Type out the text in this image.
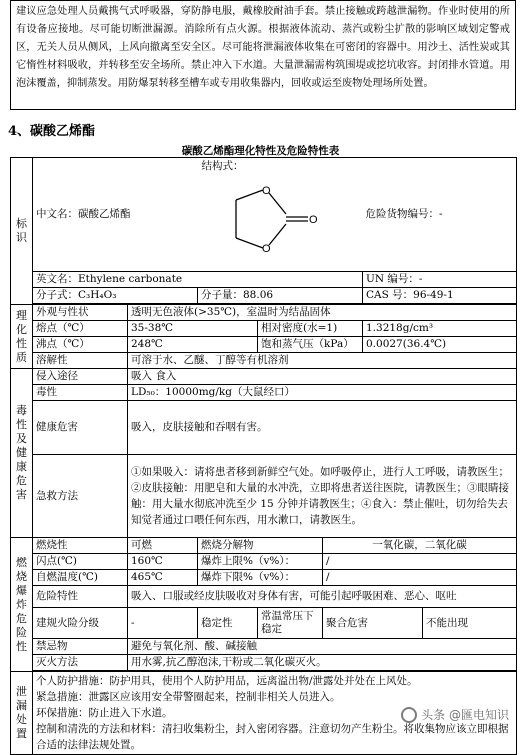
建议应急处理人员戴携气式呼吸器，穿防静电服，戴橡胶耐油手套。禁止接触或跨越泄漏物。作业时使用的所有设备应接地。尽可能切断泄漏源。消除所有点火源。根据液体流动、蒸汽或粉尘扩散的影响区域划定警戒区，无关人员从侧风，上风向撤离至安全区。尽可能将泄漏液体收集在可密闭的容器中。用沙土、活性炭或其它惰性材料吸收，并转移至安全场所。禁止冲入下水道。大量泄漏需构筑围堤或挖坑收容。封闭排水管道。用泡沫覆盖，抑制蒸发。用防爆泵转移至槽车或专用收集器内，回收或运至废物处理场所处置。
4、碳酸乙烯酯
碳酸乙烯酯理化特性及危险特性表
标识	中文名：碳酸乙烯酯		结构式：
O
O
O			危险货物编号：-	
	英文名：Ethylene carbonate					UN 编号：-	
	分子式：C₃H₄O₃		分子量：88.06			CAS 号：96-49-1	

理化性质	外观与性状	透明无色液体(>35℃)，室温时为结晶固体					
	熔点（℃）	35-38℃		相对密度(水=1)		1.3218g/cm³	
	沸点（℃）	248℃		饱和蒸气压（kPa）		0.0027(36.4℃)	
	溶解性	可溶于水、乙醚、丁醇等有机溶剂					
毒性及健康危害	侵入途径	吸入 食入					
	毒性	LD₅₀：10000mg/kg（大鼠经口）					
	健康危害	吸入，皮肤接触和吞咽有害。					
	急救方法	①如果吸入：请将患者移到新鲜空气处。如呼吸停止，进行人工呼吸，请教医生；②皮肤接触：用肥皂和大量的水冲洗，立即将患者送往医院，请教医生；③眼睛接触：用大量水彻底冲洗至少 15 分钟并请教医生；④食入：禁止催吐，切勿给失去知觉者通过口喂任何东西，用水漱口，请教医生。					
燃烧爆炸危险性	燃烧性	可燃	燃烧分解物		一氧化碳，二氧化碳		
	闪点(℃)	160℃	爆炸上限%（v%）：		/		
	自燃温度(℃)	465℃	爆炸下限%（v%）：		/		
	危险特性	吸入、口服或经皮肤吸收对身体有害，可能引起呼吸困难、恶心、呕吐					
	建规火险分级	-	稳定性	常温常压下稳定	聚合危害		不能出现
	禁忌物	避免与氧化剂、酸、碱接触					
	灭火方法	用水雾,抗乙醇泡沫,干粉或二氧化碳灭火。					

泄漏处置	个人防护措施：防护用具，使用个人防护用品，远离溢出物/泄露处并处在上风处。
紧急措施：泄露区应该用安全带警圈起来，控制非相关人员进入。
环保措施：防止进入下水道。
控制和清洗的方法和材料：清扫收集粉尘，封入密闭容器。注意切勿产生粉尘。将收集物应该立即根据合适的法律法规处置。						
头条 @匯电知识
